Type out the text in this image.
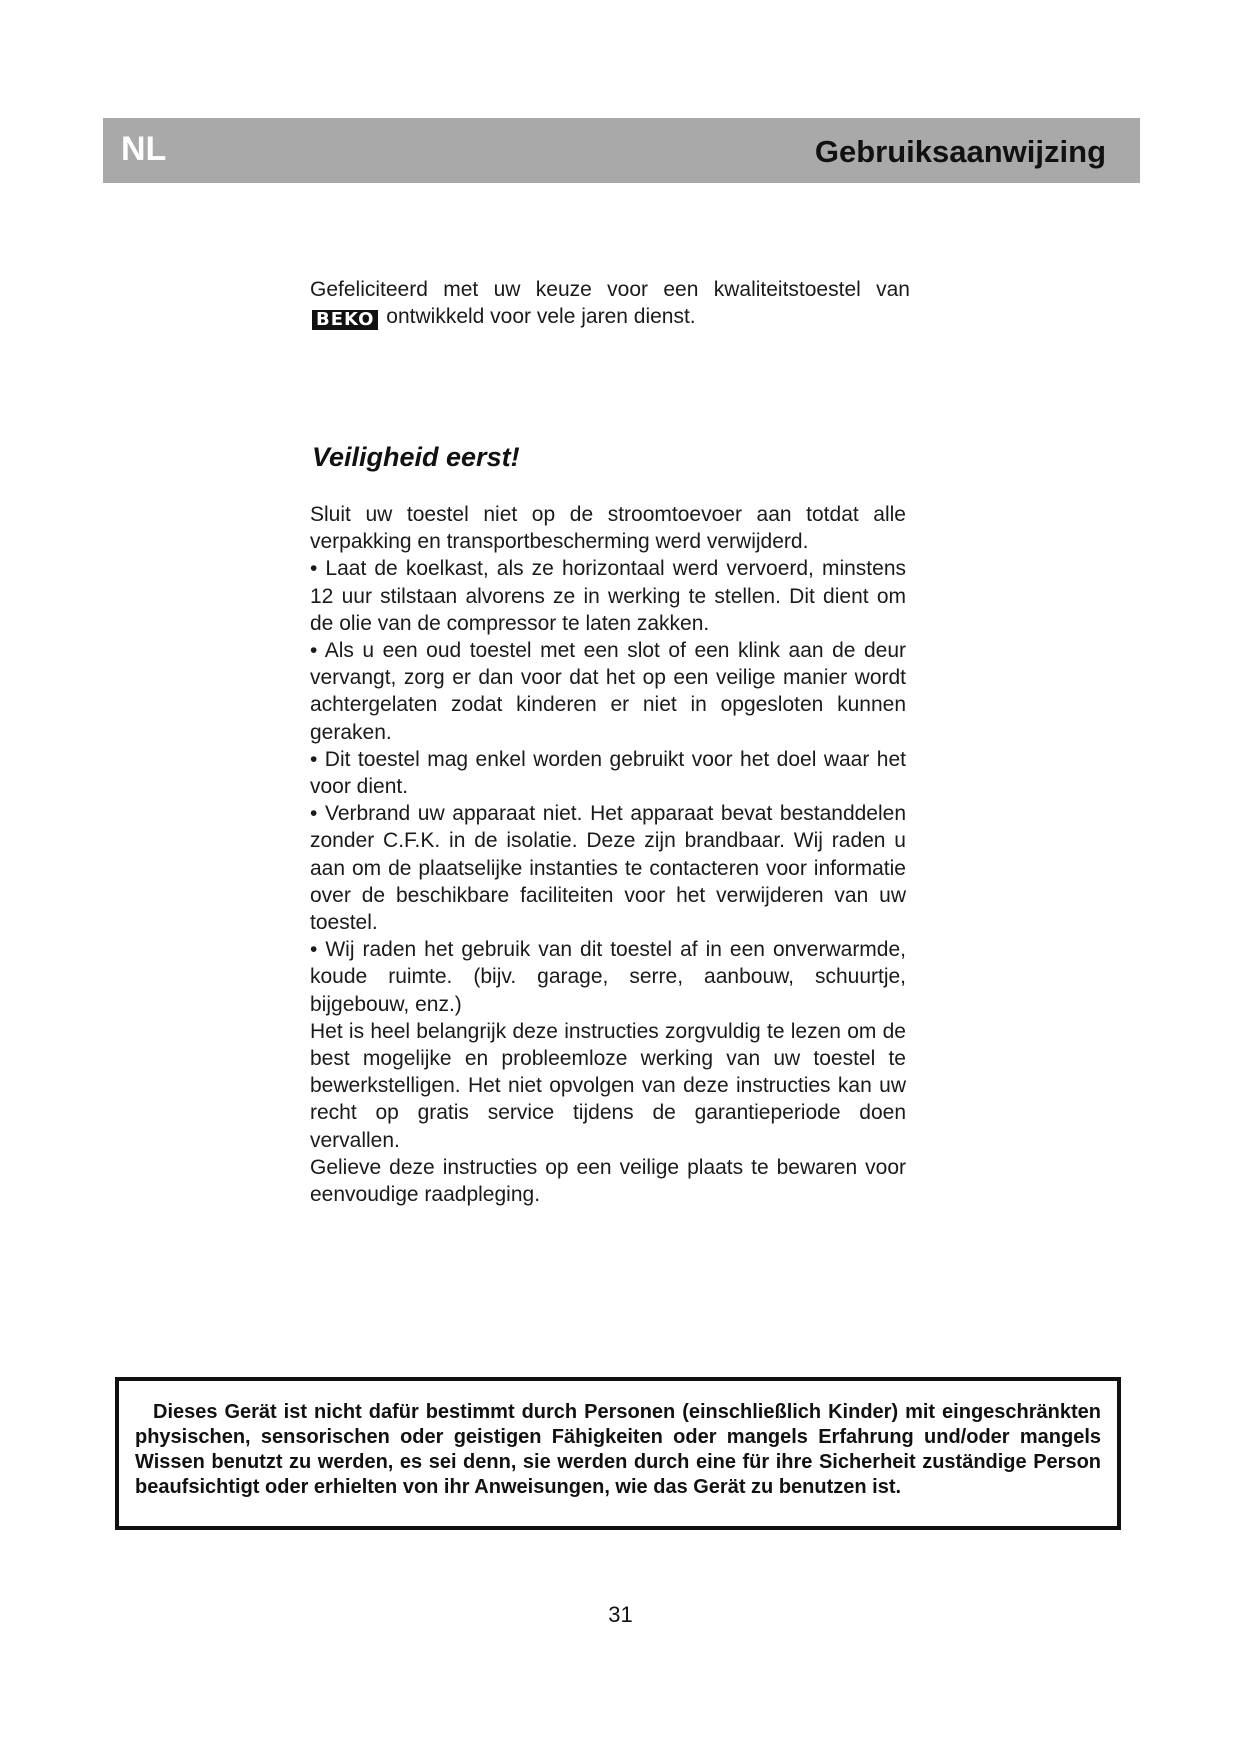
NL	Gebruiksaanwijzing

Gefeliciteerd met uw keuze voor een kwaliteitstoestel van BEKO ontwikkeld voor vele jaren dienst.

Veiligheid eerst!

Sluit uw toestel niet op de stroomtoevoer aan totdat alle verpakking en transportbescherming werd verwijderd.

• Laat de koelkast, als ze horizontaal werd vervoerd, minstens 12 uur stilstaan alvorens ze in werking te stellen. Dit dient om de olie van de compressor te laten zakken.

• Als u een oud toestel met een slot of een klink aan de deur vervangt, zorg er dan voor dat het op een veilige manier wordt achtergelaten zodat kinderen er niet in opgesloten kunnen geraken.

• Dit toestel mag enkel worden gebruikt voor het doel waar het voor dient.

• Verbrand uw apparaat niet. Het apparaat bevat bestanddelen zonder C.F.K. in de isolatie. Deze zijn brandbaar. Wij raden u aan om de plaatselijke instanties te contacteren voor informatie over de beschikbare faciliteiten voor het verwijderen van uw toestel.

• Wij raden het gebruik van dit toestel af in een onverwarmde, koude ruimte. (bijv. garage, serre, aanbouw, schuurtje, bijgebouw, enz.)

Het is heel belangrijk deze instructies zorgvuldig te lezen om de best mogelijke en probleemloze werking van uw toestel te bewerkstelligen. Het niet opvolgen van deze instructies kan uw recht op gratis service tijdens de garantieperiode doen vervallen.

Gelieve deze instructies op een veilige plaats te bewaren voor eenvoudige raadpleging.

Dieses Gerät ist nicht dafür bestimmt durch Personen (einschließlich Kinder) mit eingeschränkten physischen, sensorischen oder geistigen Fähigkeiten oder mangels Erfahrung und/oder mangels Wissen benutzt zu werden, es sei denn, sie werden durch eine für ihre Sicherheit zuständige Person beaufsichtigt oder erhielten von ihr Anweisungen, wie das Gerät zu benutzen ist.

31
